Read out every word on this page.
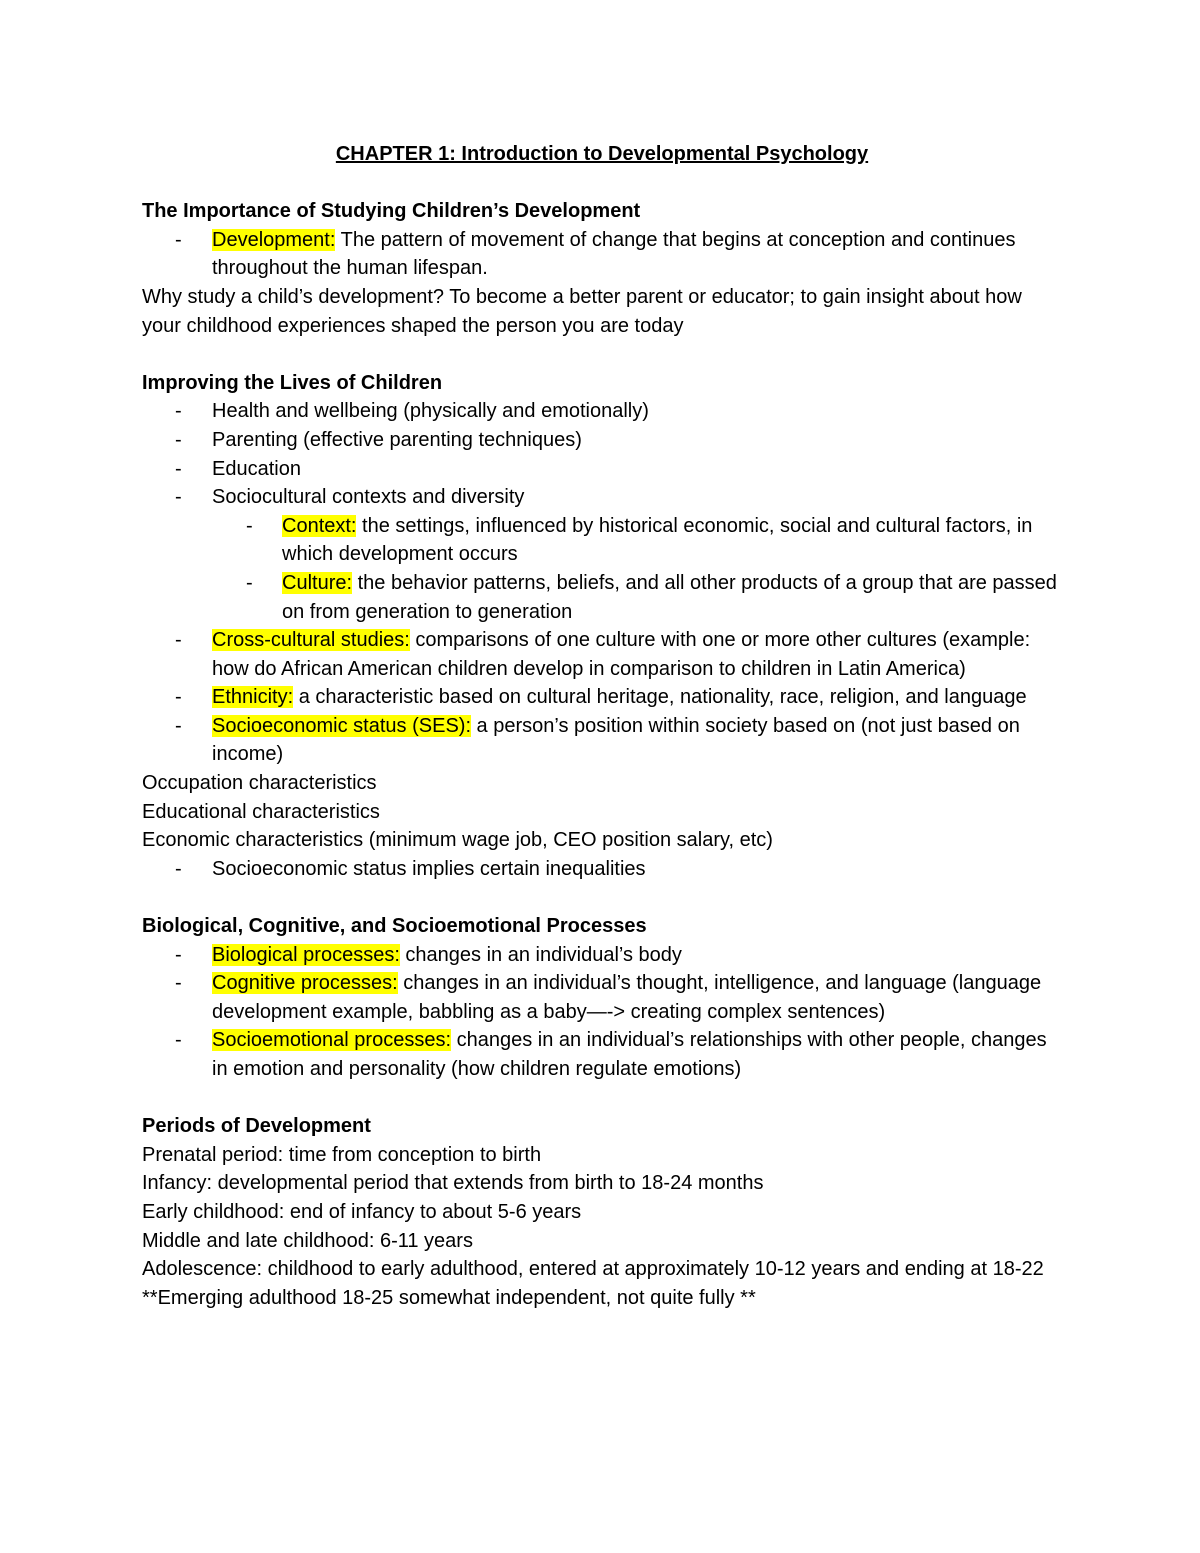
CHAPTER 1: Introduction to Developmental Psychology

The Importance of Studying Children’s Development

- Development: The pattern of movement of change that begins at conception and continues throughout the human lifespan.

Why study a child’s development? To become a better parent or educator; to gain insight about how your childhood experiences shaped the person you are today

Improving the Lives of Children

- Health and wellbeing (physically and emotionally)
- Parenting (effective parenting techniques)
- Education
- Sociocultural contexts and diversity
- Context: the settings, influenced by historical economic, social and cultural factors, in which development occurs
- Culture: the behavior patterns, beliefs, and all other products of a group that are passed on from generation to generation
- Cross-cultural studies: comparisons of one culture with one or more other cultures (example: how do African American children develop in comparison to children in Latin America)
- Ethnicity: a characteristic based on cultural heritage, nationality, race, religion, and language
- Socioeconomic status (SES): a person’s position within society based on (not just based on income)

Occupation characteristics

Educational characteristics

Economic characteristics (minimum wage job, CEO position salary, etc)

- Socioeconomic status implies certain inequalities

Biological, Cognitive, and Socioemotional Processes

- Biological processes: changes in an individual’s body
- Cognitive processes: changes in an individual’s thought, intelligence, and language (language development example, babbling as a baby—-> creating complex sentences)
- Socioemotional processes: changes in an individual’s relationships with other people, changes in emotion and personality (how children regulate emotions)

Periods of Development

Prenatal period: time from conception to birth

Infancy: developmental period that extends from birth to 18-24 months

Early childhood: end of infancy to about 5-6 years

Middle and late childhood: 6-11 years

Adolescence: childhood to early adulthood, entered at approximately 10-12 years and ending at 18-22

**Emerging adulthood 18-25 somewhat independent, not quite fully **
